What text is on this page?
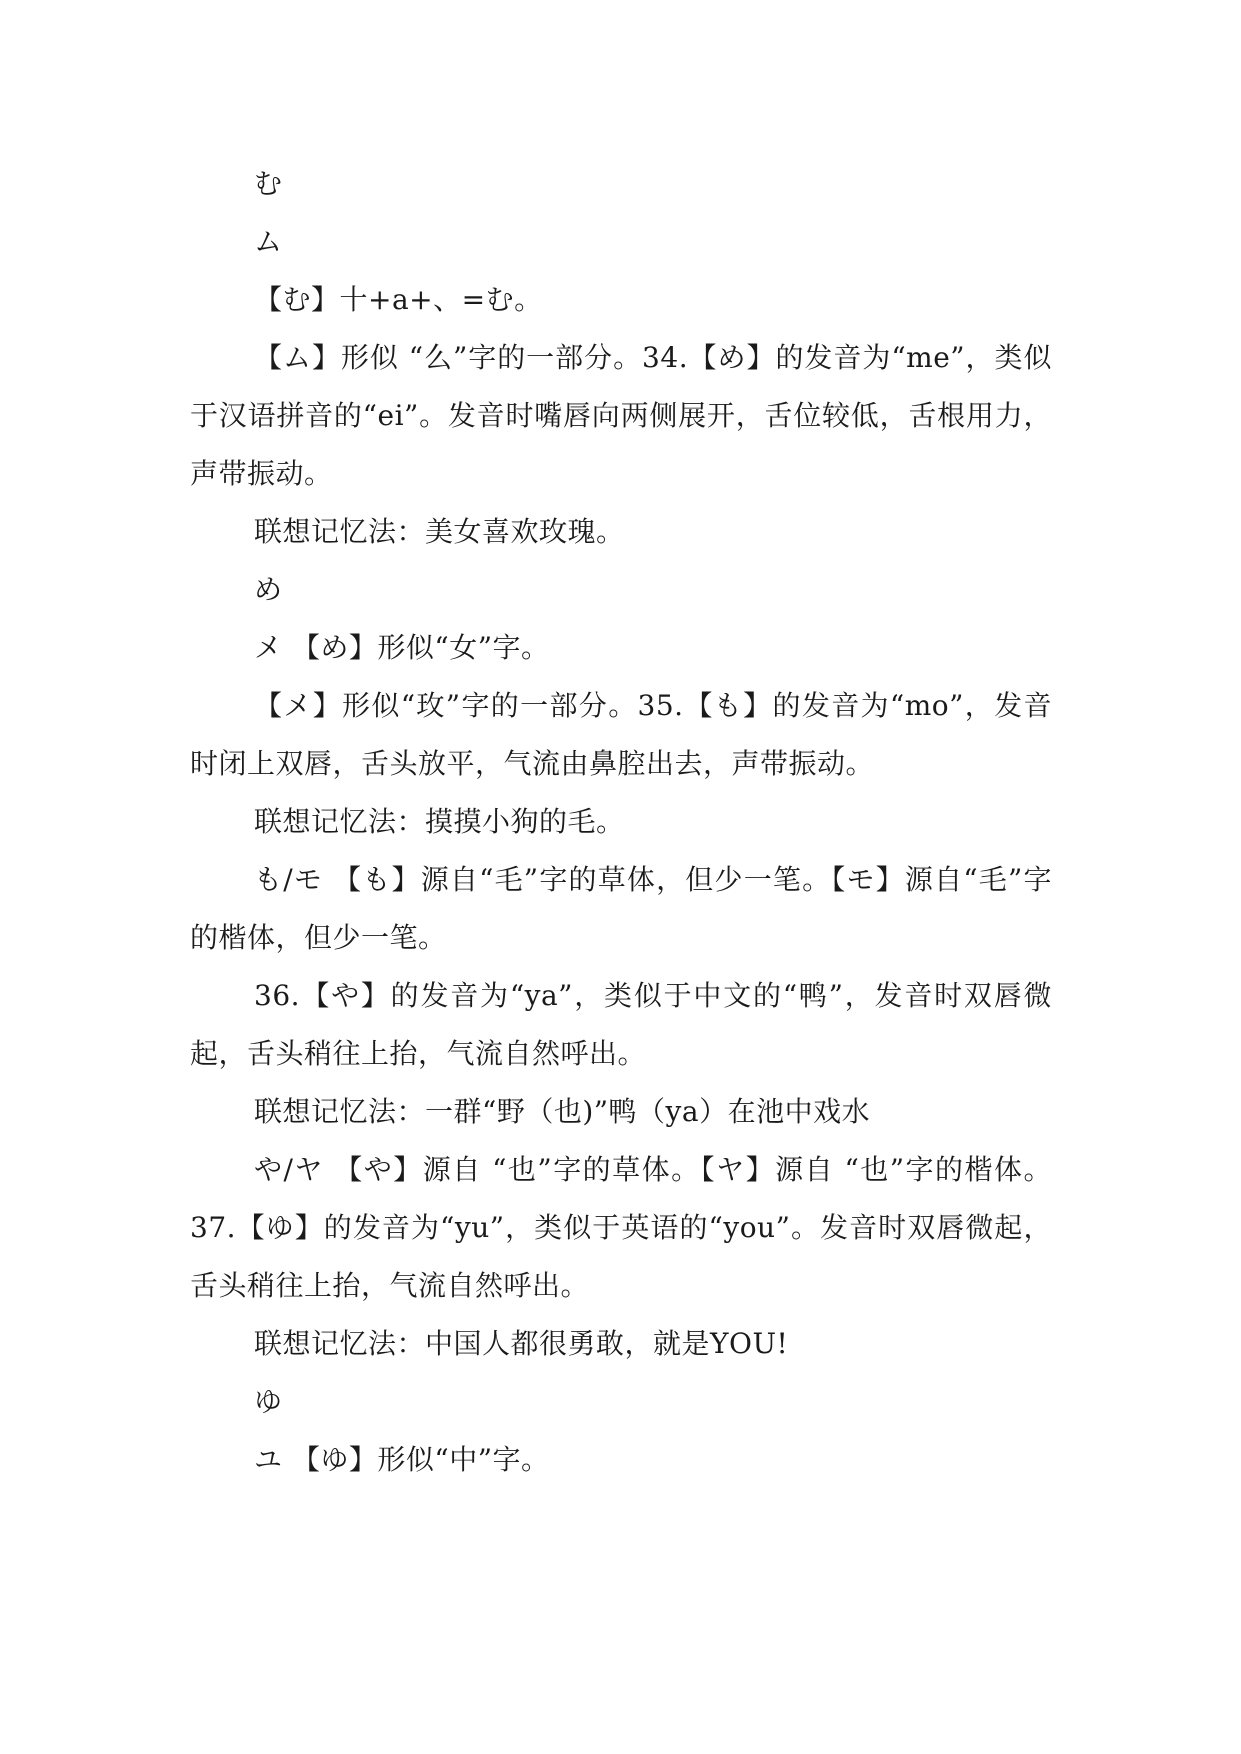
む

ム

【む】十+a+、=む。

【ム】形似 “么”字的一部分。34.【め】的发音为“me”，类似于汉语拼音的“ei”。发音时嘴唇向两侧展开，舌位较低，舌根用力，声带振动。

联想记忆法：美女喜欢玫瑰。

め

メ 【め】形似“女”字。

【メ】形似“玫”字的一部分。35.【も】的发音为“mo”，发音时闭上双唇，舌头放平，气流由鼻腔出去，声带振动。

联想记忆法：摸摸小狗的毛。

も/モ 【も】源自“毛”字的草体，但少一笔。【モ】源自“毛”字的楷体，但少一笔。

36.【や】的发音为“ya”，类似于中文的“鸭”，发音时双唇微起，舌头稍往上抬，气流自然呼出。

联想记忆法：一群“野（也)”鸭（ya）在池中戏水

や/ヤ 【や】源自 “也”字的草体。【ヤ】源自 “也”字的楷体。37.【ゆ】的发音为“yu”，类似于英语的“you”。发音时双唇微起，舌头稍往上抬，气流自然呼出。

联想记忆法：中国人都很勇敢，就是YOU!

ゆ

ユ 【ゆ】形似“中”字。
